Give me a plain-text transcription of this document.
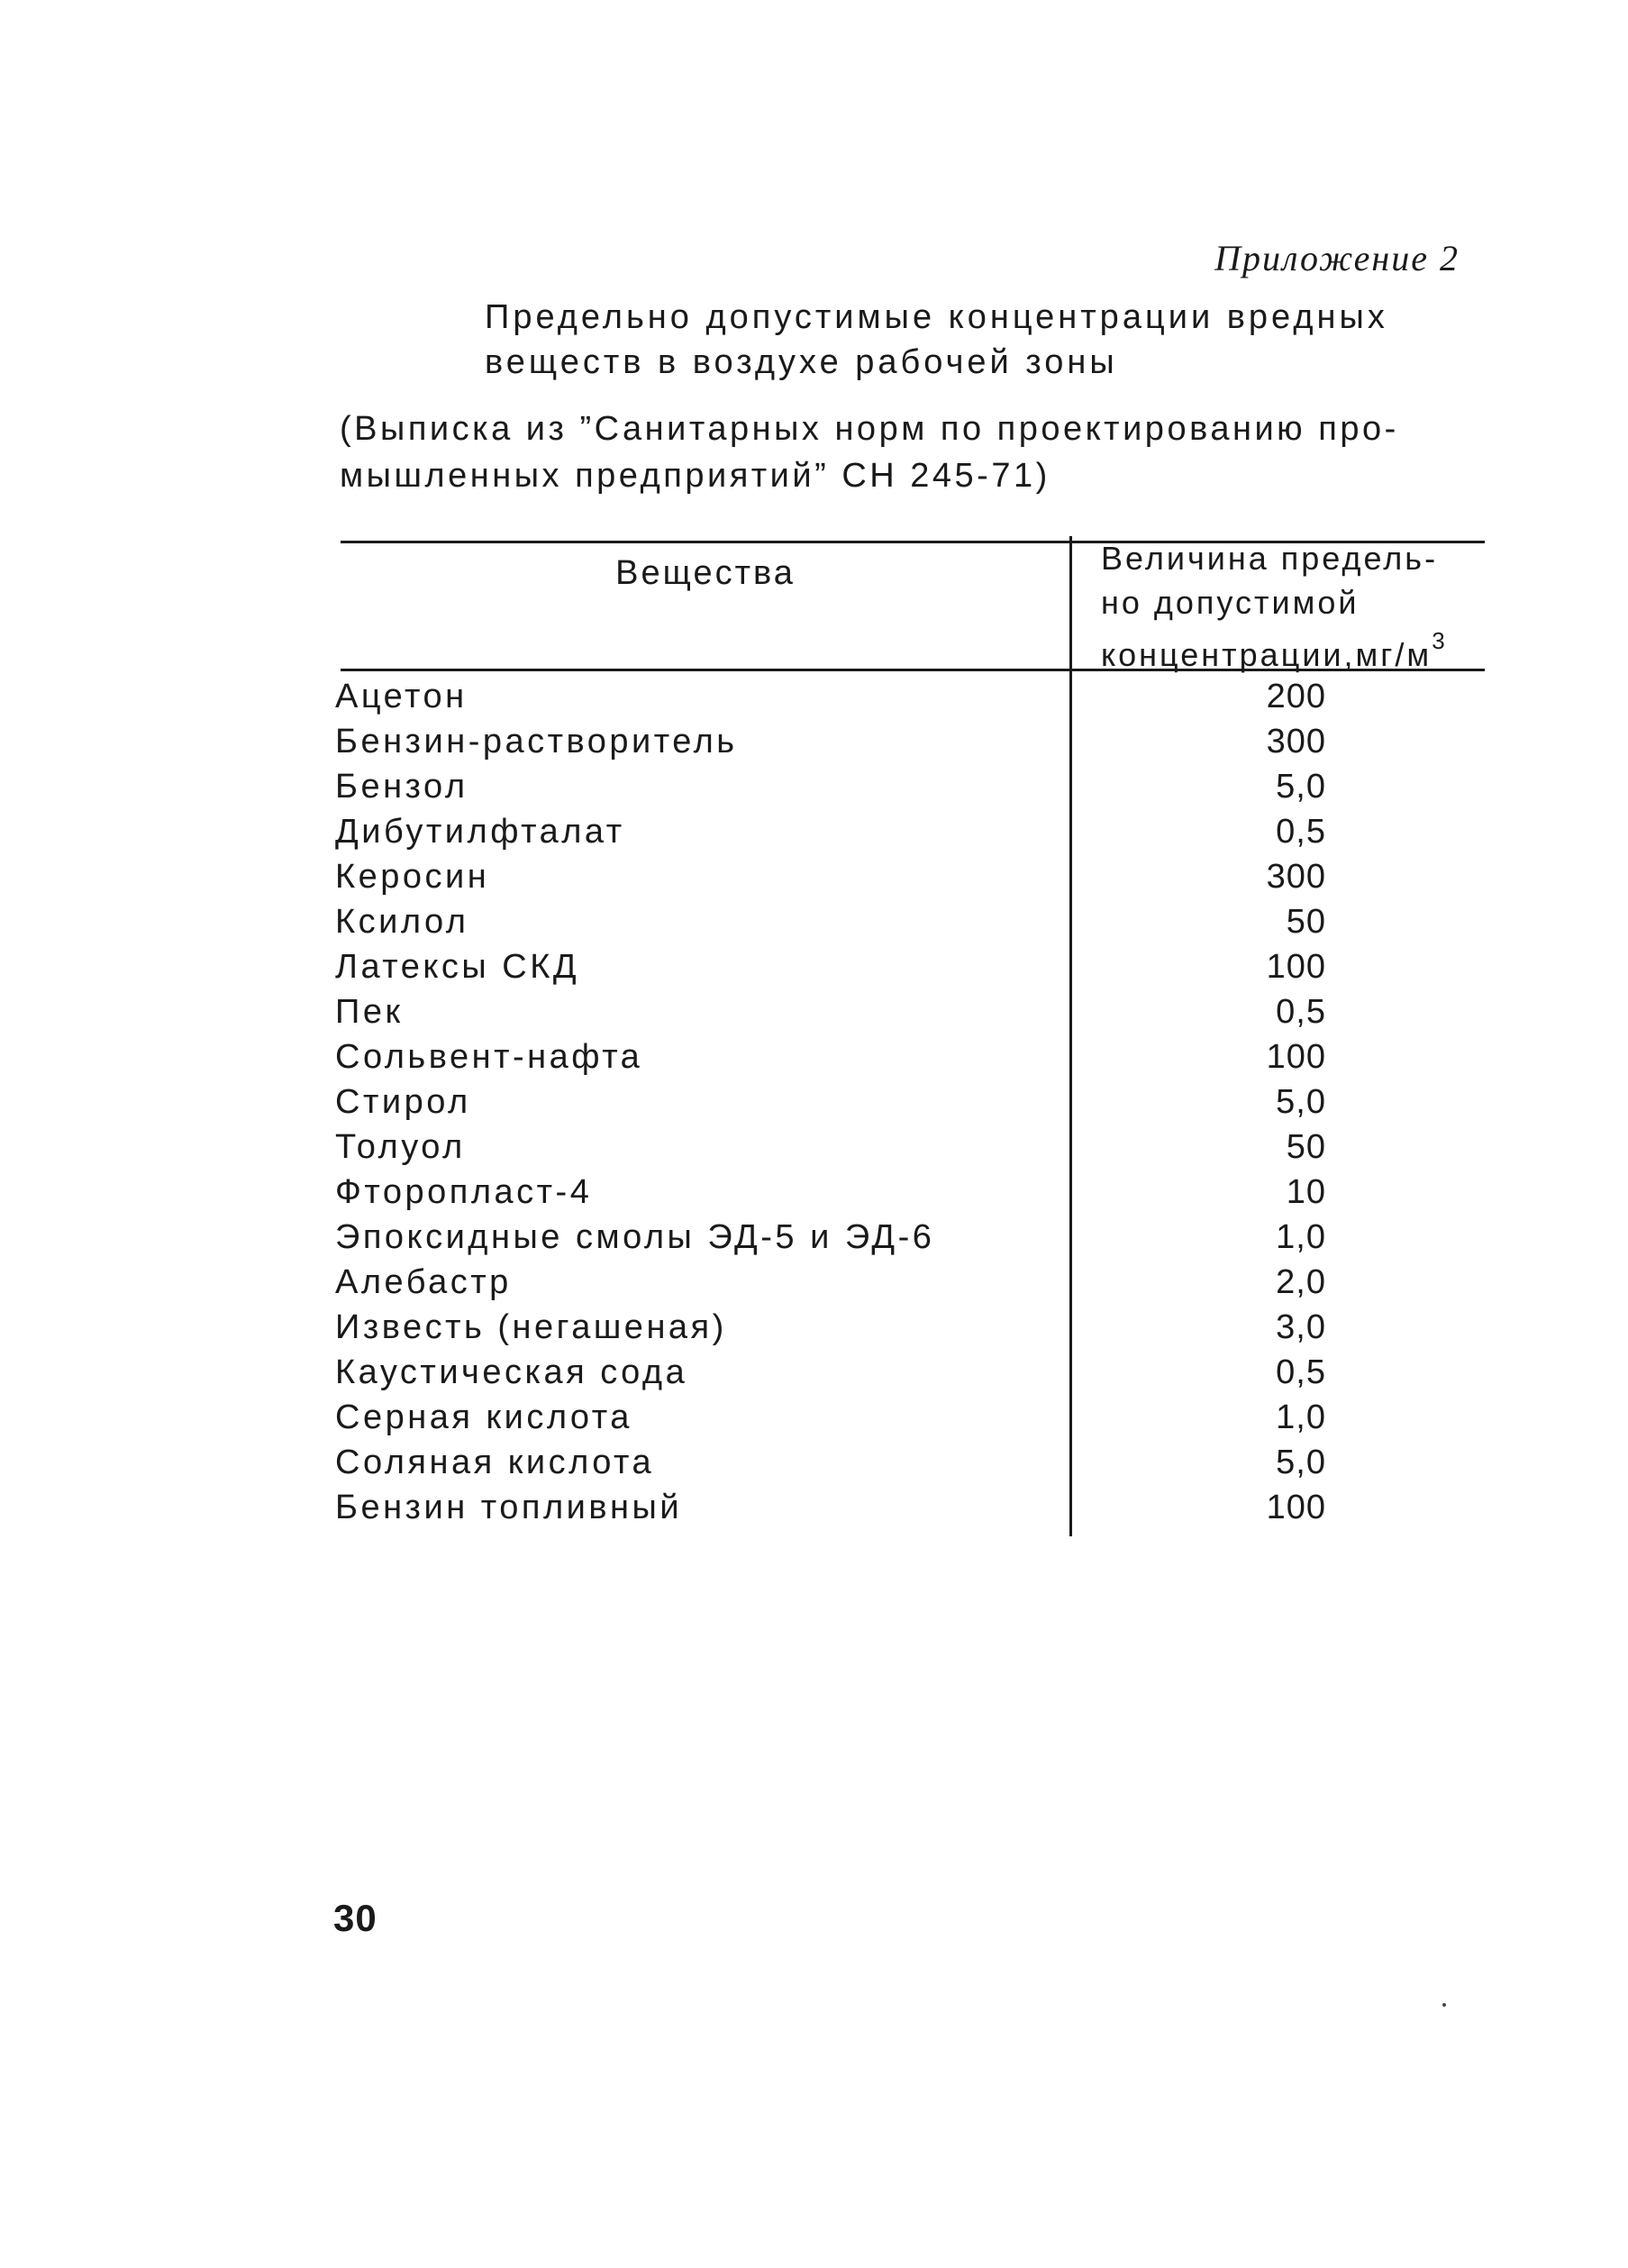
Приложение 2
Предельно допустимые концентрации вредных
веществ в воздухе рабочей зоны
(Выписка из ”Санитарных норм по проектированию про-
мышленных предприятий” СН 245-71)
Вещества	Величина предель-
но допустимой
$концентрации,мг/м^3$
Ацетон	200
Бензин-растворитель	300
Бензол	5,0
Дибутилфталат	0,5
Керосин	300
Ксилол	50
Латексы СКД	100
Пек	0,5
Сольвент-нафта	100
Стирол	5,0
Толуол	50
Фторопласт-4	10
Эпоксидные смолы ЭД-5 и ЭД-6	1,0
Алебастр	2,0
Известь (негашеная)	3,0
Каустическая сода	0,5
Серная кислота	1,0
Соляная кислота	5,0
Бензин топливный	100
30
